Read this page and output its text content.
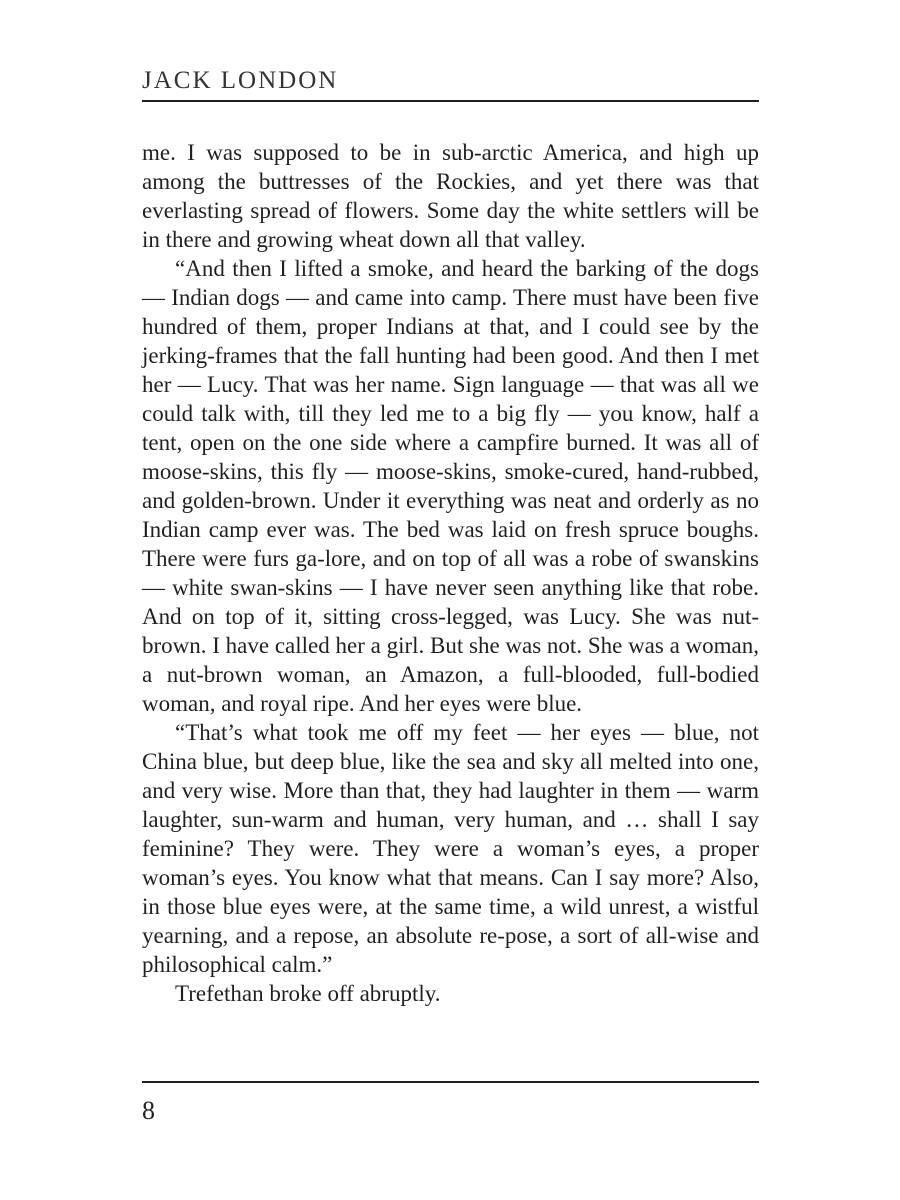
JACK LONDON

me. I was supposed to be in sub-arctic America, and high up among the buttresses of the Rockies, and yet there was that everlasting spread of flowers. Some day the white settlers will be in there and growing wheat down all that valley.

“And then I lifted a smoke, and heard the barking of the dogs — Indian dogs — and came into camp. There must have been five hundred of them, proper Indians at that, and I could see by the jerking-frames that the fall hunting had been good. And then I met her — Lucy. That was her name. Sign language — that was all we could talk with, till they led me to a big fly — you know, half a tent, open on the one side where a campfire burned. It was all of moose-skins, this fly — moose-skins, smoke-cured, hand-rubbed, and golden-brown. Under it everything was neat and orderly as no Indian camp ever was. The bed was laid on fresh spruce boughs. There were furs ga-lore, and on top of all was a robe of swanskins — white swan-skins — I have never seen anything like that robe. And on top of it, sitting cross-legged, was Lucy. She was nut-brown. I have called her a girl. But she was not. She was a woman, a nut-brown woman, an Amazon, a full-blooded, full-bodied woman, and royal ripe. And her eyes were blue.

“That’s what took me off my feet — her eyes — blue, not China blue, but deep blue, like the sea and sky all melted into one, and very wise. More than that, they had laughter in them — warm laughter, sun-warm and human, very human, and … shall I say feminine? They were. They were a woman’s eyes, a proper woman’s eyes. You know what that means. Can I say more? Also, in those blue eyes were, at the same time, a wild unrest, a wistful yearning, and a repose, an absolute re-pose, a sort of all-wise and philosophical calm.”

Trefethan broke off abruptly.

8
